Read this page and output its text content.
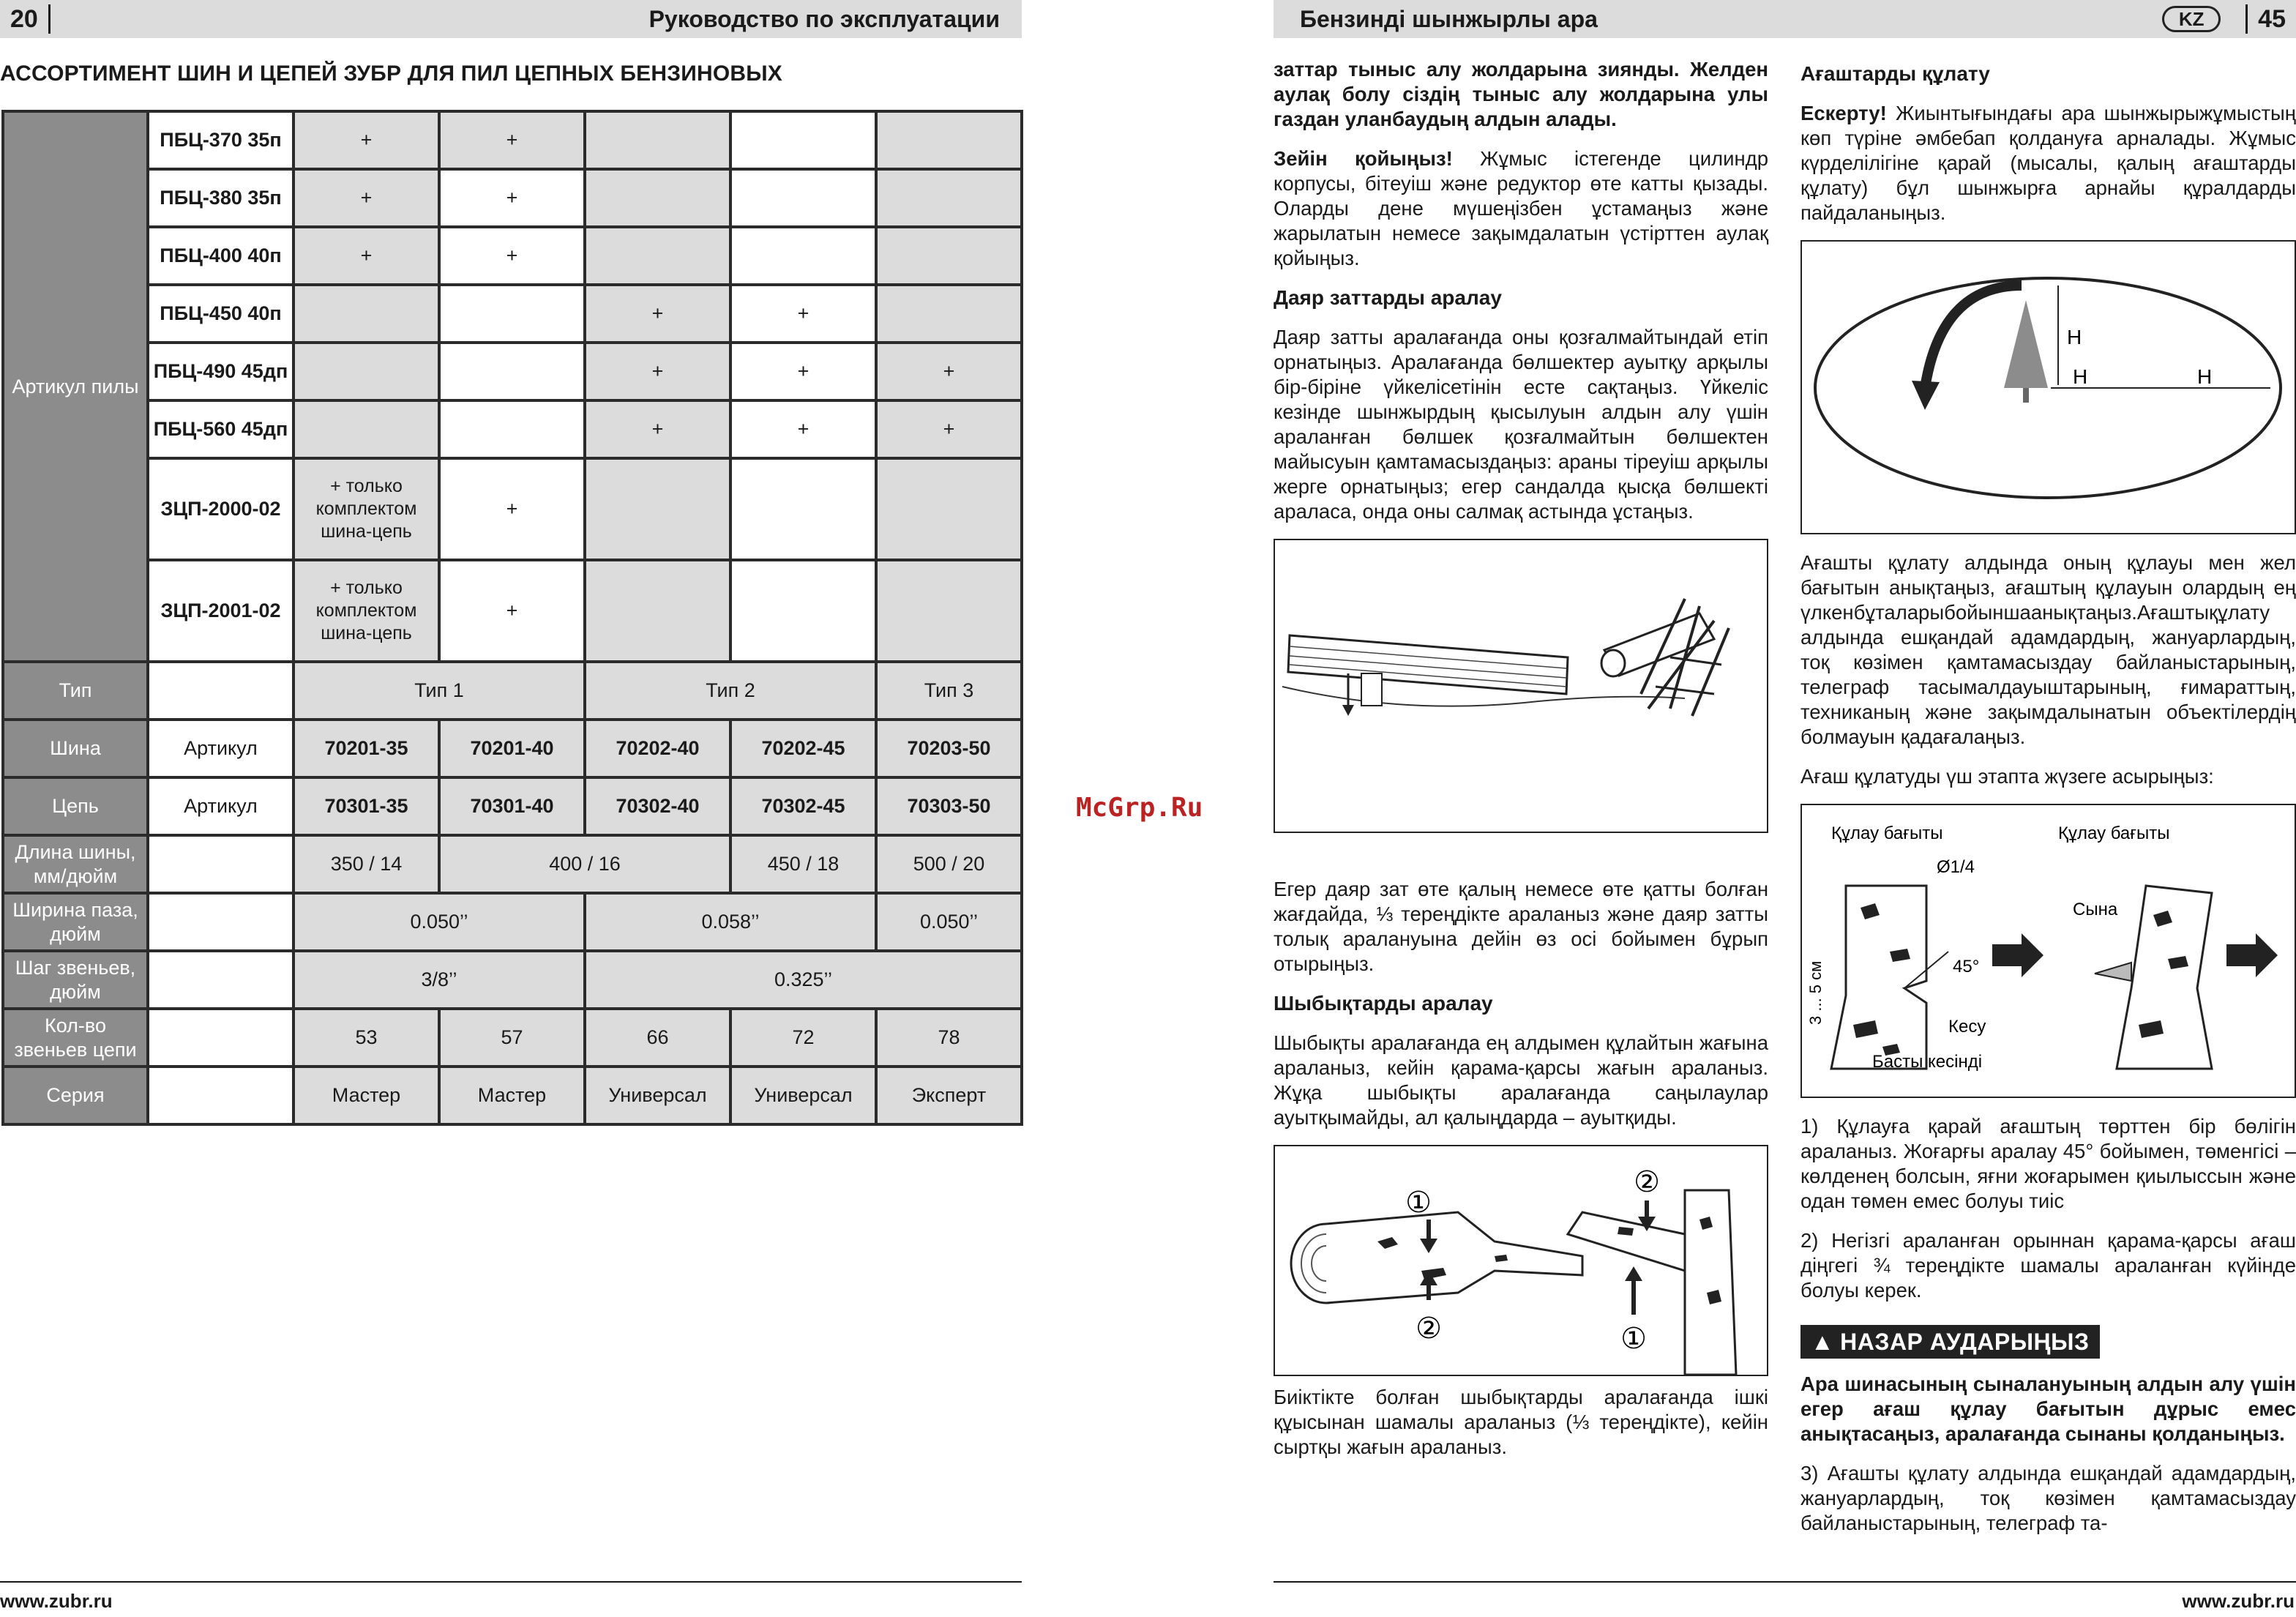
20	Руководство по эксплуатации
АССОРТИМЕНТ ШИН И ЦЕПЕЙ ЗУБР ДЛЯ ПИЛ ЦЕПНЫХ БЕНЗИНОВЫХ
Артикул пилы	ПБЦ-370 35п	+	+			
	ПБЦ-380 35п	+	+			
	ПБЦ-400 40п	+	+			
	ПБЦ-450 40п			+	+	
	ПБЦ-490 45дп			+	+	+
	ПБЦ-560 45дп			+	+	+
	ЗЦП-2000-02	+ только комплектом шина-цепь	+			
	ЗЦП-2001-02	+ только комплектом шина-цепь	+			
Тип		Тип 1		Тип 2		Тип 3
Шина	Артикул	70201-35	70201-40	70202-40	70202-45	70203-50
Цепь	Артикул	70301-35	70301-40	70302-40	70302-45	70303-50
Длина шины, мм/дюйм		350 / 14	400 / 16		450 / 18	500 / 20
Ширина паза, дюйм		0.050’’		0.058’’		0.050’’
Шаг звеньев, дюйм		3/8’’		0.325’’		
Кол-во звеньев цепи		53	57	66	72	78
Серия		Мастер	Мастер	Универсал	Универсал	Эксперт
www.zubr.ru
McGrp.Ru
Бензинді шынжырлы ара	KZ	45

заттар тыныс алу жолдарына зиянды. Желден аулақ болу сіздің тыныс алу жолдарына улы газдан уланбаудың алдын алады.

Зейін қойыңыз! Жұмыс істегенде цилиндр корпусы, бітеуіш және редуктор өте катты қызады. Оларды дене мүшеңізбен ұстамаңыз және жарылатын немесе зақымдалатын үстірттен аулақ қойыңыз.

Даяр заттарды аралау

Даяр затты аралағанда оны қозғалмайтындай етіп орнатыңыз. Аралағанда бөлшектер ауытқу арқылы бір-біріне үйкелісетінін есте сақтаңыз. Үйкеліс кезінде шынжырдың қысылуын алдын алу үшін араланған бөлшек қозғалмайтын бөлшектен майысуын қамтамасыздаңыз: араны тіреуіш арқылы жерге орнатыңыз; егер сандалда қысқа бөлшекті аралаcа, онда оны салмақ астында ұстаңыз.

Егер даяр зат өте қалың немесе өте қатты болған жағдайда, ⅓ тереңдікте араланыз және даяр затты толық аралануына дейін өз осі бойымен бұрып отырыңыз.

Шыбықтарды аралау

Шыбықты аралағанда ең алдымен құлайтын жағына араланыз, кейін қарама-қарсы жағын араланыз. Жұқа шыбықты аралағанда саңылаулар ауытқымайды, ал қалыңдарда – ауытқиды.

①
②
②
①

Биіктікте болған шыбықтарды аралағанда ішкі құысынан шамалы араланыз (⅓ тереңдікте), кейін сыртқы жағын араланыз.

Ағаштарды құлату

Ескерту! Жиынтығындағы ара шынжырыжұмыстың көп түріне әмбебап қолдануға арналады. Жұмыс күрделілігіне қарай (мысалы, қалың ағаштарды құлату) бұл шынжырға арнайы құралдарды пайдаланыңыз.

H
H	H

Ағашты құлату алдында оның құлауы мен жел бағытын анықтаңыз, ағаштың құлауын олардың ең үлкенбұталарыбойыншаанықтаңыз.Ағаштықұлату алдында ешқандай адамдардың, жануарлардың, тоқ көзімен қамтамасыздау байланыстарының, телеграф тасымалдауыштарының, ғимараттың, техниканың және зақымдалынатын объектілердің болмауын қадағалаңыз.

Ағаш құлатуды үш этапта жүзеге асырыңыз:

Құлау бағыты	Құлау бағыты
Ø1/4
45°
3 ... 5 см
Кесу
Басты кесінді
Сына

1) Құлауға қарай ағаштың төрттен бір бөлігін араланыз. Жоғарғы аралау 45° бойымен, төменгісі – көлденең болсын, яғни жоғарымен қиылыссын және одан төмен емес болуы тиіс

2) Негізгі араланған орыннан қарама-қарсы ағаш діңгегі ¾ тереңдікте шамалы араланған күйінде болуы керек.

▲ НАЗАР АУДАРЫҢЫЗ

Ара шинасының сыналануының алдын алу үшін егер ағаш құлау бағытын дұрыс емес анықтасаңыз, аралағанда сынаны қолданыңыз.

3) Ағашты құлату алдында ешқандай адамдардың, жануарлардың, тоқ көзімен қамтамасыздау байланыстарының, телеграф та-

www.zubr.ru
